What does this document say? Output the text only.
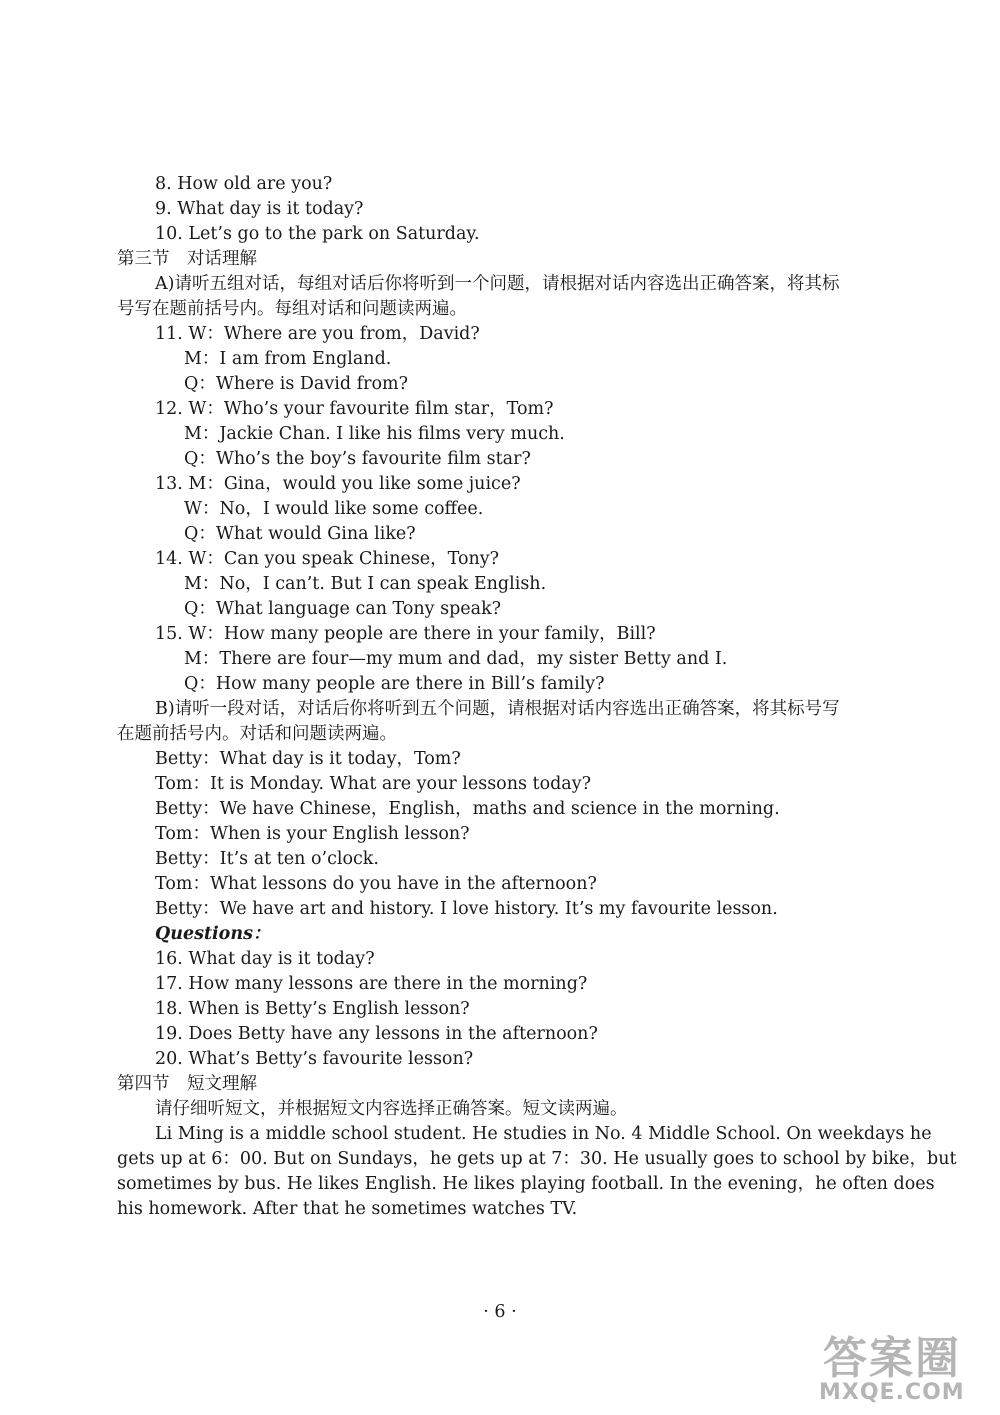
8. How old are you?
9. What day is it today?
10. Let’s go to the park on Saturday.
第三节　对话理解
A)请听五组对话，每组对话后你将听到一个问题，请根据对话内容选出正确答案，将其标
号写在题前括号内。每组对话和问题读两遍。
11. W：Where are you from，David?
M：I am from England.
Q：Where is David from?
12. W：Who’s your favourite film star，Tom?
M：Jackie Chan. I like his films very much.
Q：Who’s the boy’s favourite film star?
13. M：Gina，would you like some juice?
W：No，I would like some coffee.
Q：What would Gina like?
14. W：Can you speak Chinese，Tony?
M：No，I can’t. But I can speak English.
Q：What language can Tony speak?
15. W：How many people are there in your family，Bill?
M：There are four—my mum and dad，my sister Betty and I.
Q：How many people are there in Bill’s family?
B)请听一段对话，对话后你将听到五个问题，请根据对话内容选出正确答案，将其标号写
在题前括号内。对话和问题读两遍。
Betty：What day is it today，Tom?
Tom：It is Monday. What are your lessons today?
Betty：We have Chinese，English，maths and science in the morning.
Tom：When is your English lesson?
Betty：It’s at ten o’clock.
Tom：What lessons do you have in the afternoon?
Betty：We have art and history. I love history. It’s my favourite lesson.
Questions：
16. What day is it today?
17. How many lessons are there in the morning?
18. When is Betty’s English lesson?
19. Does Betty have any lessons in the afternoon?
20. What’s Betty’s favourite lesson?
第四节　短文理解
请仔细听短文，并根据短文内容选择正确答案。短文读两遍。
Li Ming is a middle school student. He studies in No. 4 Middle School. On weekdays he
gets up at 6：00. But on Sundays，he gets up at 7：30. He usually goes to school by bike，but
sometimes by bus. He likes English. He likes playing football. In the evening，he often does
his homework. After that he sometimes watches TV.
· 6 ·
答案圈
MXQE.COM
